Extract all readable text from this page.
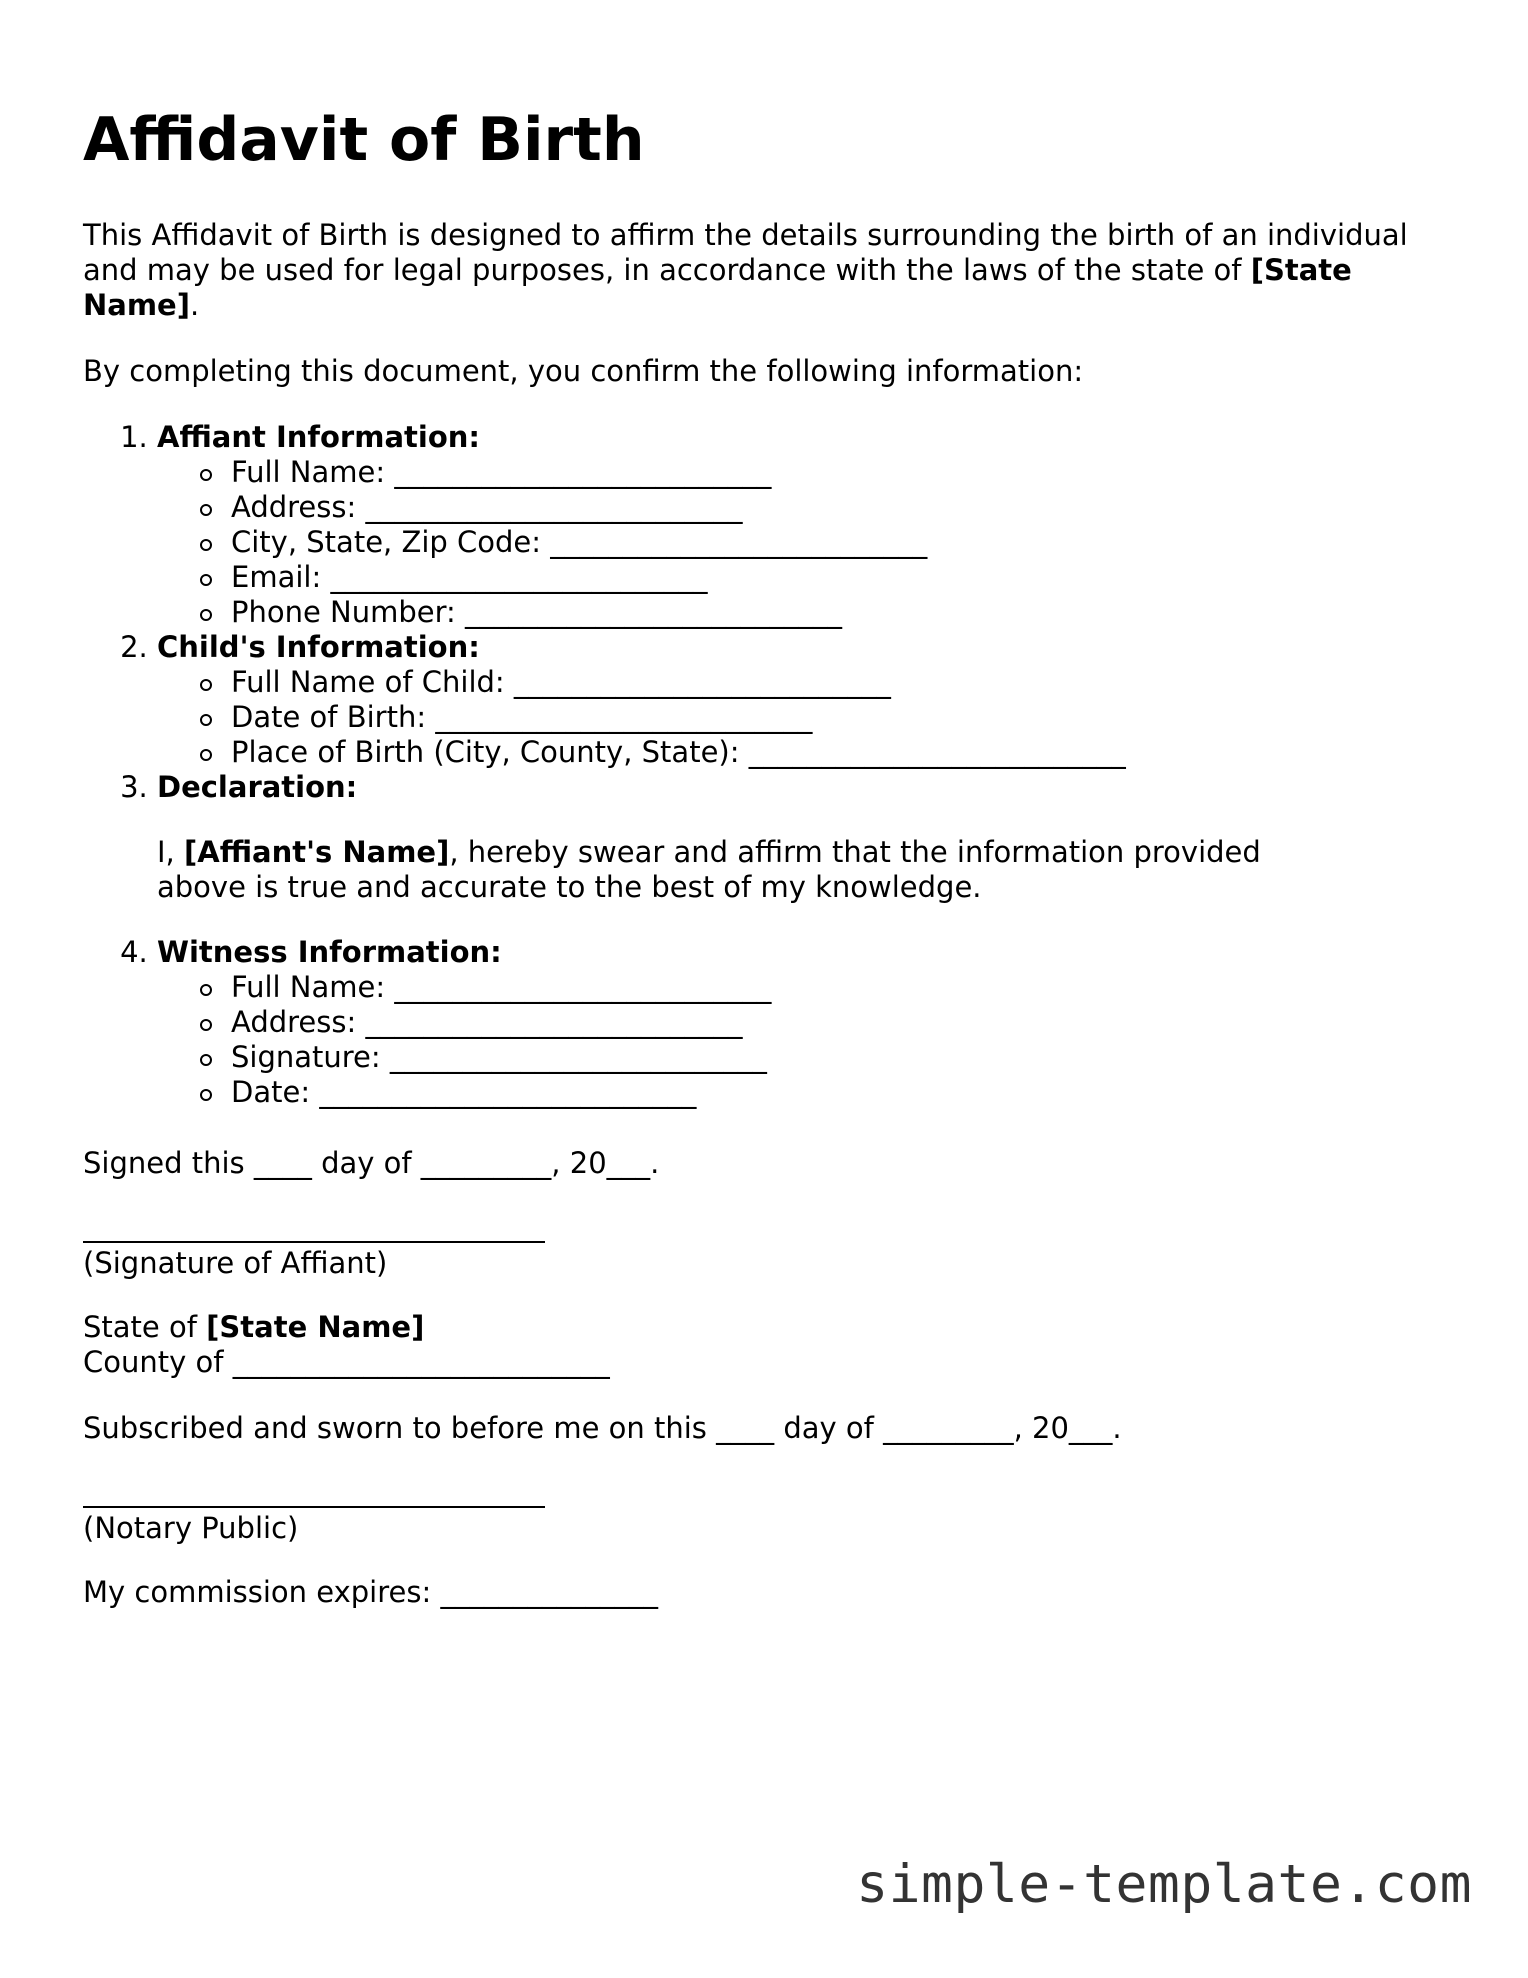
Affidavit of Birth

This Affidavit of Birth is designed to affirm the details surrounding the birth of an individual and may be used for legal purposes, in accordance with the laws of the state of [State Name].

By completing this document, you confirm the following information:

1. Affiant Information:
Full Name: __________________________
Address: __________________________
City, State, Zip Code: __________________________
Email: __________________________
Phone Number: __________________________
2. Child's Information:
Full Name of Child: __________________________
Date of Birth: __________________________
Place of Birth (City, County, State): __________________________
3. Declaration:

I, [Affiant's Name], hereby swear and affirm that the information provided above is true and accurate to the best of my knowledge.

4. Witness Information:
Full Name: __________________________
Address: __________________________
Signature: __________________________
Date: __________________________

Signed this ____ day of _________, 20___.

(Signature of Affiant)

State of [State Name]
County of __________________________

Subscribed and sworn to before me on this ____ day of _________, 20___.

(Notary Public)

My commission expires: _______________

simple-template.com
